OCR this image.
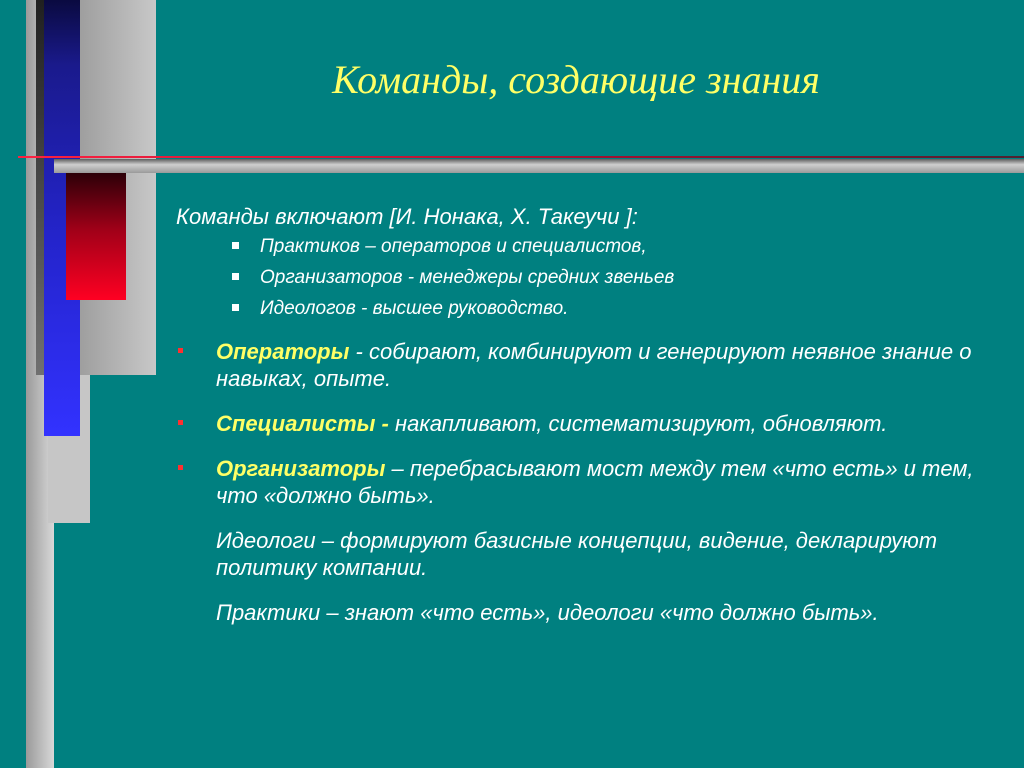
Команды, создающие знания

Команды включают [И. Нонака, Х. Такеучи ]:

Практиков – операторов и специалистов,
Организаторов - менеджеры средних звеньев
Идеологов - высшее руководство.
Операторы - собирают, комбинируют и генерируют неявное знание о навыках, опыте.
Специалисты - накапливают, систематизируют, обновляют.
Организаторы – перебрасывают мост между тем «что есть» и тем, что «должно быть».

Идеологи – формируют базисные концепции, видение, декларируют политику компании.

Практики – знают «что есть», идеологи «что должно быть».
